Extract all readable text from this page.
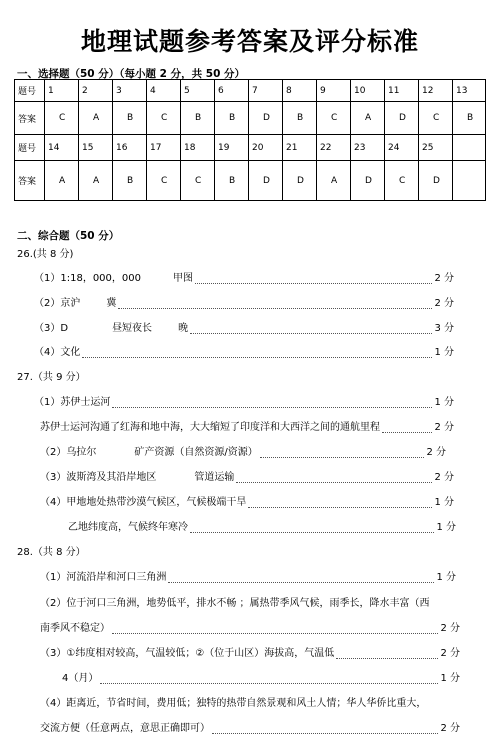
地理试题参考答案及评分标准
一、选择题（50 分）（每小题 2 分，共 50 分）
题号	1	2	3	4	5	6	7	8	9	10	11	12	13
答案	C	A	B	C	B	B	D	B	C	A	D	C	B
题号	14	15	16	17	18	19	20	21	22	23	24	25	
答案	A	A	B	C	C	B	D	D	A	D	C	D	
二、综合题（50 分）
26.(共 8 分)
（1）1:18，000，000	甲图	2 分
（2）京沪	冀	2 分
（3）D	昼短夜长	晚	3 分
（4）文化	1 分
27.（共 9 分）
（1）苏伊士运河	1 分
苏伊士运河沟通了红海和地中海，大大缩短了印度洋和大西洋之间的通航里程	2 分
（2）乌拉尔	矿产资源（自然资源/资源）	2 分
（3）波斯湾及其沿岸地区	管道运输	2 分
（4）甲地地处热带沙漠气候区，气候极端干旱	1 分
乙地纬度高，气候终年寒冷	1 分
28.（共 8 分）
（1）河流沿岸和河口三角洲	1 分
（2）位于河口三角洲，地势低平，排水不畅 ；属热带季风气候，雨季长，降水丰富（西
南季风不稳定）	2 分
（3）①纬度相对较高，气温较低；②（位于山区）海拔高，气温低	2 分
4（月）	1 分
（4）距离近，节省时间，费用低；独特的热带自然景观和风土人情；华人华侨比重大，
交流方便（任意两点，意思正确即可）	2 分
